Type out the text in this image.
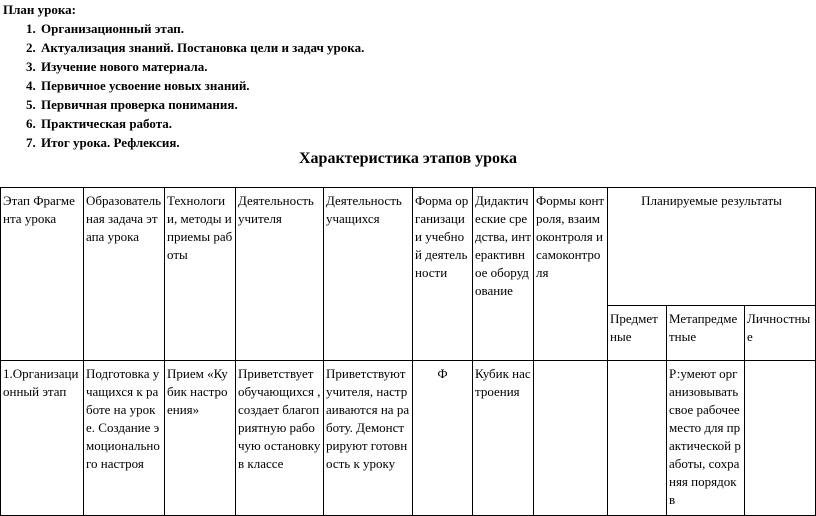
План урока:
1. Организационный этап.
2. Актуализация знаний. Постановка цели и задач урока.
3. Изучение нового материала.
4. Первичное усвоение новых знаний.
5. Первичная проверка понимания.
6. Практическая работа.
7. Итог урока. Рефлексия.
Характеристика этапов урока
Этап Фрагмента урока	Образовательная задача этапа урока	Технологии, методы и приемы работы	Деятельность учителя	Деятельность учащихся	Форма организации учебной деятельности	Дидактические средства, интерактивное оборудование	Формы контроля, взаимоконтроля и самоконтроля	Планируемые результаты		
								Предметные	Метапредметные	Личностные
1.Организационный этап	Подготовка учащихся к работе на уроке. Создание эмоционального настроя	Прием «Кубик настроения»	Приветствует обучающихся ,создает благоприятную рабочую остановку в классе	Приветствуют учителя, настраиваются на работу. Демонстрируют готовность к уроку	Ф	Кубик настроения			Р:умеют организовывать свое рабочее место для практической работы, сохраняя порядок в	
